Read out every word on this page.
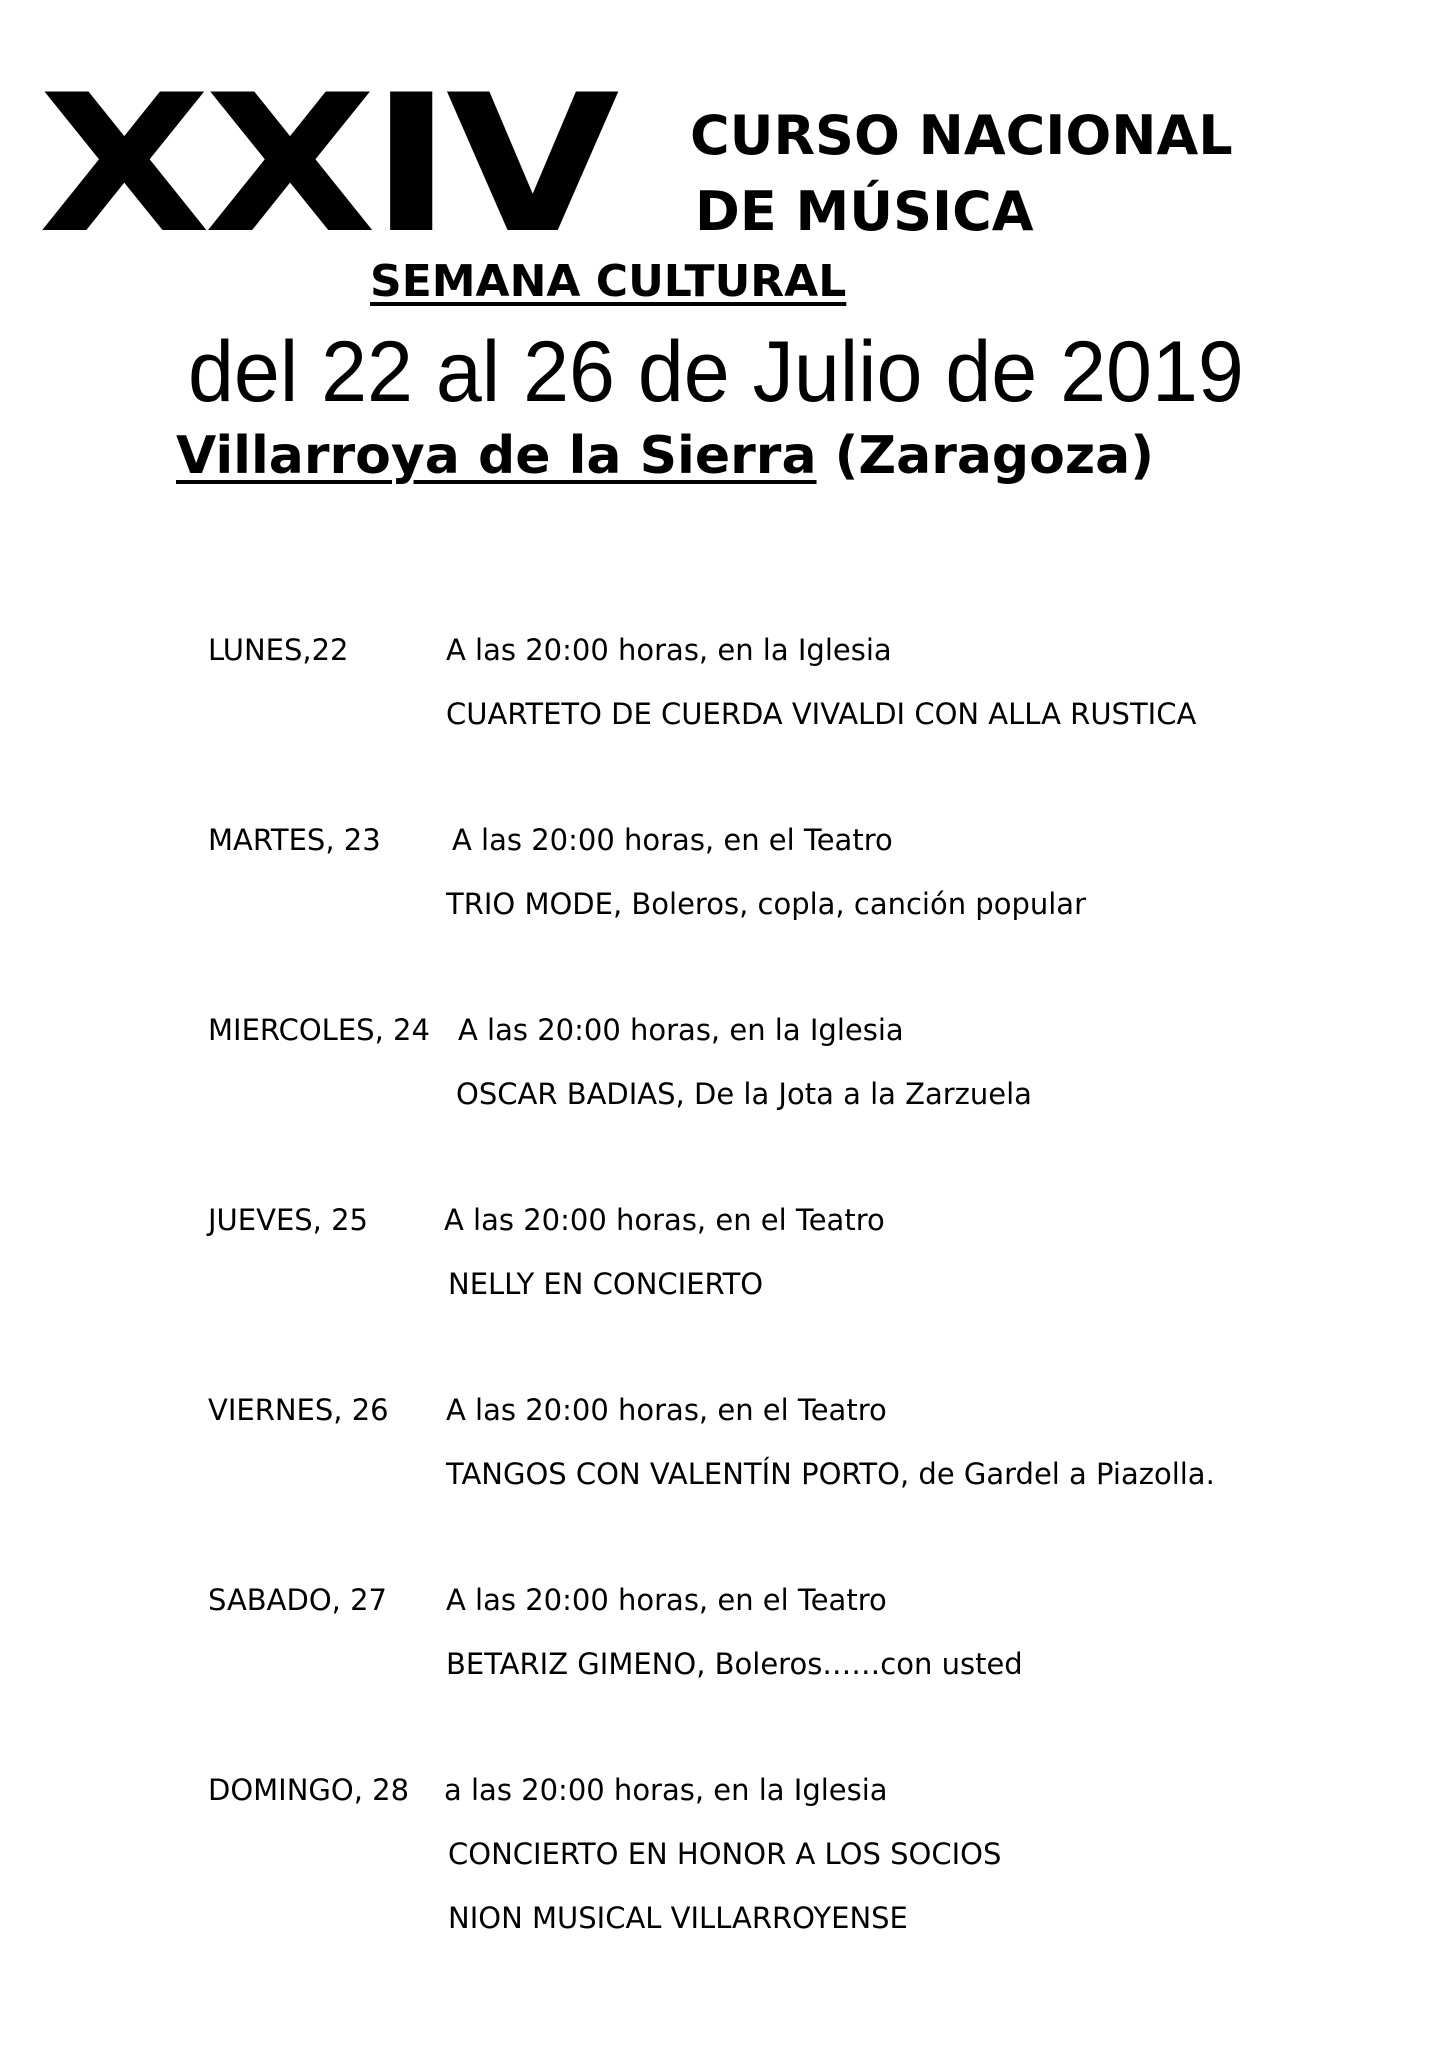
XXIV CURSO NACIONAL
DE MÚSICA
SEMANA CULTURAL
del 22 al 26 de Julio de 2019
Villarroya de la Sierra (Zaragoza)
LUNES,22	A las 20:00 horas, en la Iglesia
CUARTETO DE CUERDA VIVALDI CON ALLA RUSTICA
MARTES, 23 A las 20:00 horas, en el Teatro
TRIO MODE, Boleros, copla, canción popular
MIERCOLES, 24 A las 20:00 horas, en la Iglesia
OSCAR BADIAS, De la Jota a la Zarzuela
JUEVES, 25	A las 20:00 horas, en el Teatro
NELLY EN CONCIERTO
VIERNES, 26 A las 20:00 horas, en el Teatro
TANGOS CON VALENTÍN PORTO, de Gardel a Piazolla.
SABADO, 27 A las 20:00 horas, en el Teatro
BETARIZ GIMENO, Boleros……con usted
DOMINGO, 28 a las 20:00 horas, en la Iglesia
CONCIERTO EN HONOR A LOS SOCIOS
NION MUSICAL VILLARROYENSE
